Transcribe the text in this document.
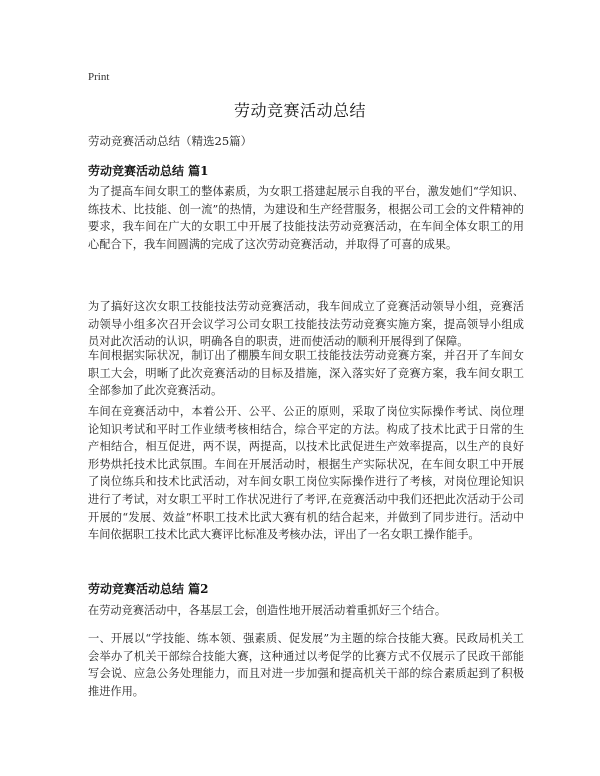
Print
劳动竞赛活动总结
劳动竞赛活动总结（精选25篇）
劳动竞赛活动总结 篇1

为了提高车间女职工的整体素质，为女职工搭建起展示自我的平台，激发她们“学知识、练技术、比技能、创一流”的热情，为建设和生产经营服务，根据公司工会的文件精神的要求，我车间在广大的女职工中开展了技能技法劳动竞赛活动，在车间全体女职工的用心配合下，我车间圆满的完成了这次劳动竞赛活动，并取得了可喜的成果。

为了搞好这次女职工技能技法劳动竞赛活动，我车间成立了竞赛活动领导小组，竞赛活动领导小组多次召开会议学习公司女职工技能技法劳动竞赛实施方案，提高领导小组成员对此次活动的认识，明确各自的职责，进而使活动的顺利开展得到了保障。

车间根据实际状况，制订出了棚膜车间女职工技能技法劳动竞赛方案，并召开了车间女职工大会，明晰了此次竞赛活动的目标及措施，深入落实好了竞赛方案，我车间女职工全部参加了此次竞赛活动。

车间在竞赛活动中，本着公开、公平、公正的原则，采取了岗位实际操作考试、岗位理论知识考试和平时工作业绩考核相结合，综合平定的方法。构成了技术比武于日常的生产相结合，相互促进，两不误，两提高，以技术比武促进生产效率提高，以生产的良好形势烘托技术比武氛围。车间在开展活动时，根据生产实际状况，在车间女职工中开展了岗位练兵和技术比武活动，对车间女职工岗位实际操作进行了考核，对岗位理论知识进行了考试，对女职工平时工作状况进行了考评,在竞赛活动中我们还把此次活动于公司开展的“发展、效益”杯职工技术比武大赛有机的结合起来，并做到了同步进行。活动中车间依据职工技术比武大赛评比标准及考核办法，评出了一名女职工操作能手。

劳动竞赛活动总结 篇2

在劳动竞赛活动中，各基层工会，创造性地开展活动着重抓好三个结合。

一、开展以“学技能、练本领、强素质、促发展”为主题的综合技能大赛。民政局机关工会举办了机关干部综合技能大赛，这种通过以考促学的比赛方式不仅展示了民政干部能写会说、应急公务处理能力，而且对进一步加强和提高机关干部的综合素质起到了积极推进作用。
